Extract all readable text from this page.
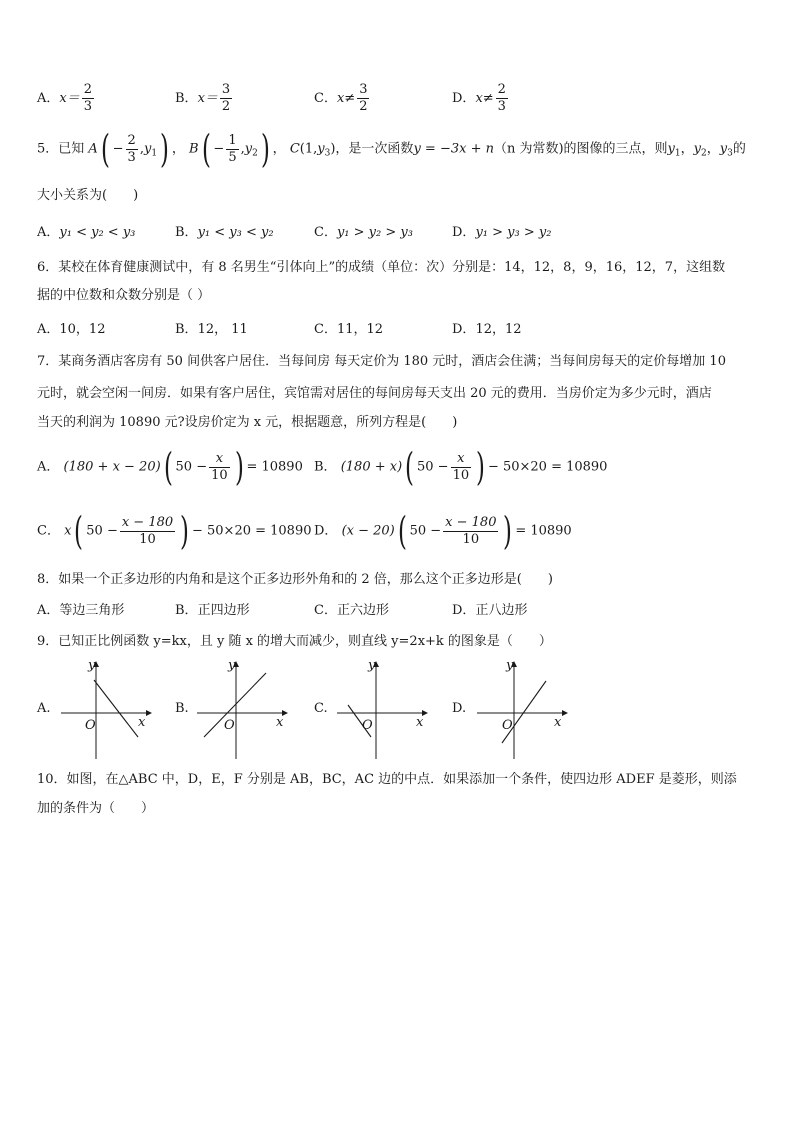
A．$x= \frac{2}{3}$	B．$x= \frac{3}{2}$	C．$x\ne \frac{3}{2}$	D．$x\ne \frac{2}{3}$
5．已知 $A( - \frac{2}{3} ,y_1)$ ， $B( - \frac{1}{5} ,y_2)$ ， $C(1,y_3)$，是一次函数y = −3x + n（n 为常数)的图像的三点，则$y_1$，$y_2$，$y_3$的
大小关系为(　　)
A．y₁ < y₂ < y₃	B．y₁ < y₃ < y₂	C．y₁ > y₂ > y₃	D．y₁ > y₃ > y₂
6．某校在体育健康测试中，有 8 名男生“引体向上”的成绩（单位：次）分别是：14，12，8，9，16，12，7，这组数
据的中位数和众数分别是（ ）
A．10，12	B．12， 11	C．11，12	D．12，12
7．某商务酒店客房有 50 间供客户居住．当每间房 每天定价为 180 元时，酒店会住满；当每间房每天的定价每增加 10
元时，就会空闲一间房．如果有客户居住，宾馆需对居住的每间房每天支出 20 元的费用．当房价定为多少元时，酒店
当天的利润为 10890 元?设房价定为 x 元，根据题意，所列方程是(　　)
A． (180 + x − 20)( $50 - \frac{x}{10}$ ) = 10890 B． (180 + x)( $50 - \frac{x}{10}$ ) − 50×20 = 10890
C． x( $50 - \frac{x - 180}{10}$ ) − 50×20 = 10890 D． (x − 20)( $50 - \frac{x - 180}{10}$ ) = 10890
8．如果一个正多边形的内角和是这个正多边形外角和的 2 倍，那么这个正多边形是(　　)
A．等边三角形	B．正四边形	C．正六边形	D．正八边形
9．已知正比例函数 y=kx，且 y 随 x 的增大而减少，则直线 y=2x+k 的图象是（　　）
A.
y
x
O
B.
y
x
O
C.
y
x
O
D.
y
x
O
10．如图，在△ABC 中，D，E，F 分别是 AB，BC，AC 边的中点．如果添加一个条件，使四边形 ADEF 是菱形，则添
加的条件为（　　）
